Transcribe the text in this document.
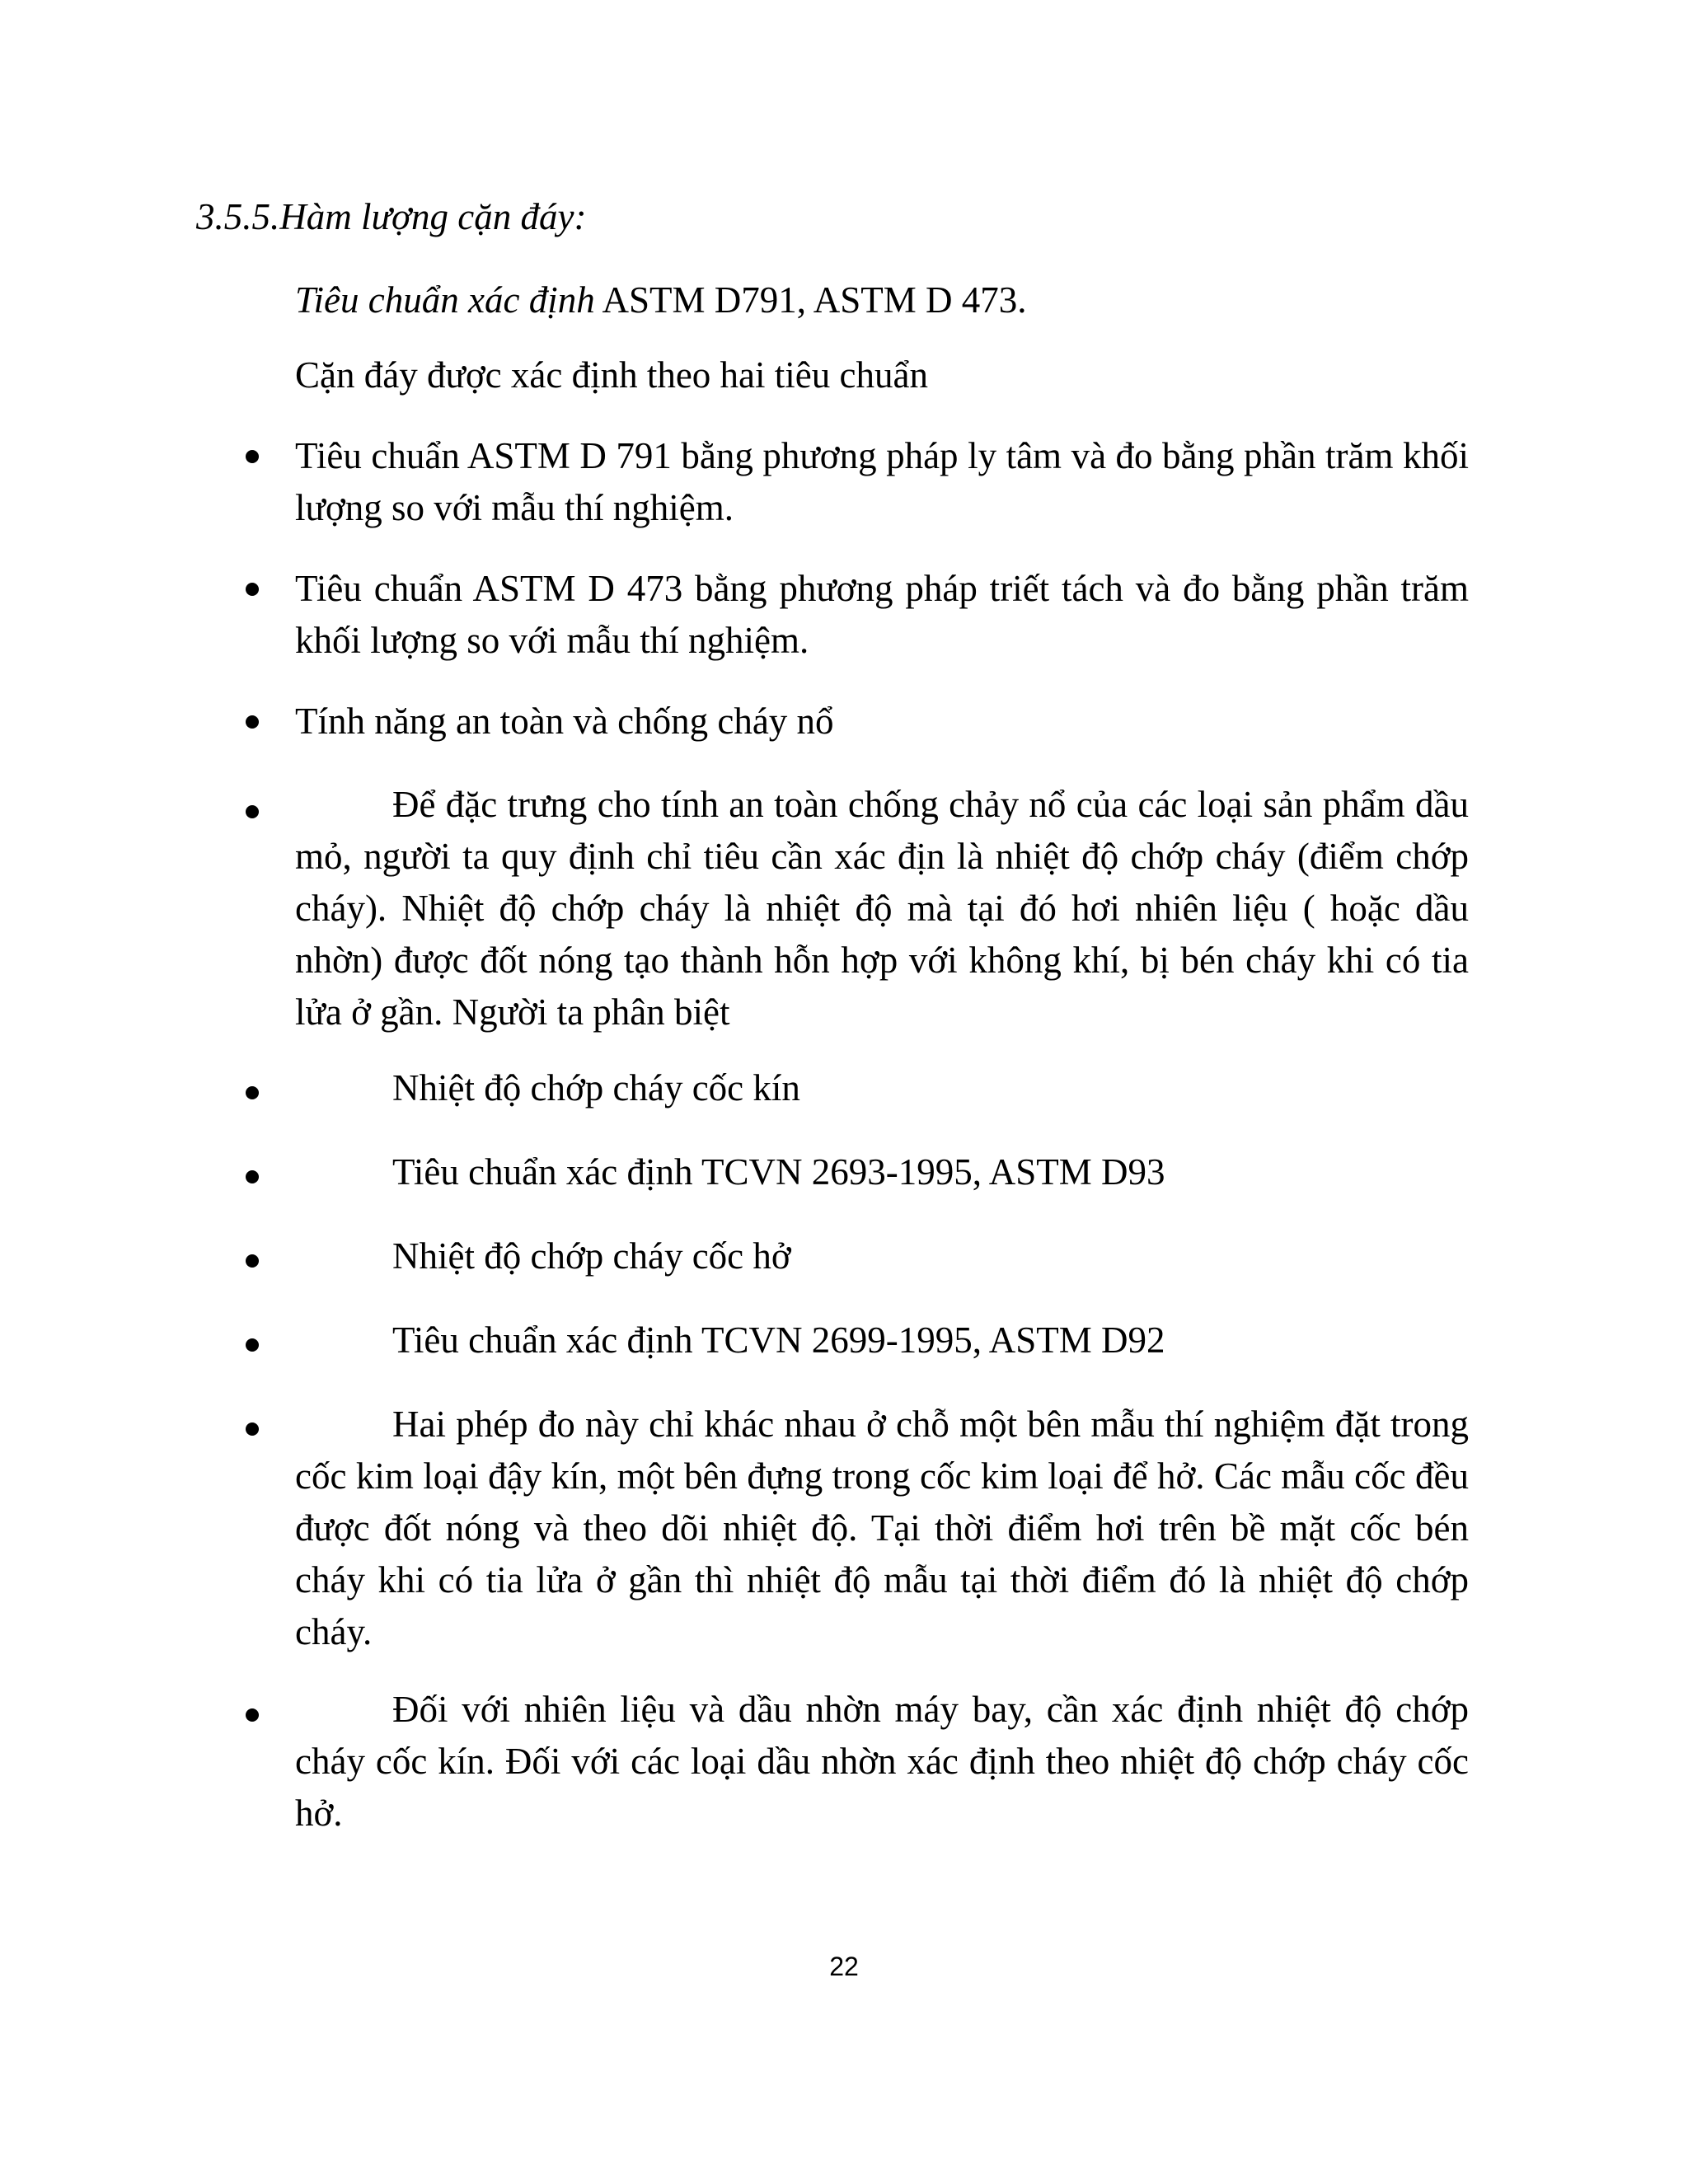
3.5.5.Hàm lượng cặn đáy:
Tiêu chuẩn xác định ASTM D791, ASTM D 473.
Cặn đáy được xác định theo hai tiêu chuẩn
Tiêu chuẩn ASTM D 791 bằng phương pháp ly tâm và đo bằng phần trăm khối lượng so với mẫu thí nghiệm.
Tiêu chuẩn ASTM D 473 bằng phương pháp triết tách và đo bằng phần trăm khối lượng so với mẫu thí nghiệm.
Tính năng an toàn và chống cháy nổ
Để đặc trưng cho tính an toàn chống chảy nổ của các loại sản phẩm dầu mỏ, người ta quy định chỉ tiêu cần xác địn là nhiệt độ chớp cháy (điểm chớp cháy). Nhiệt độ chớp cháy là nhiệt độ mà tại đó hơi nhiên liệu ( hoặc dầu nhờn) được đốt nóng tạo thành hỗn hợp với không khí, bị bén cháy khi có tia lửa ở gần. Người ta phân biệt
Nhiệt độ chớp cháy cốc kín
Tiêu chuẩn xác định TCVN 2693-1995, ASTM D93
Nhiệt độ chớp cháy cốc hở
Tiêu chuẩn xác định TCVN 2699-1995, ASTM D92
Hai phép đo này chỉ khác nhau ở chỗ một bên mẫu thí nghiệm đặt trong cốc kim loại đậy kín, một bên đựng trong cốc kim loại để hở. Các mẫu cốc đều được đốt nóng và theo dõi nhiệt độ. Tại thời điểm hơi trên bề mặt cốc bén cháy khi có tia lửa ở gần thì nhiệt độ mẫu tại thời điểm đó là nhiệt độ chớp cháy.
Đối với nhiên liệu và dầu nhờn máy bay, cần xác định nhiệt độ chớp cháy cốc kín. Đối với các loại dầu nhờn xác định theo nhiệt độ chớp cháy cốc hở.
22
